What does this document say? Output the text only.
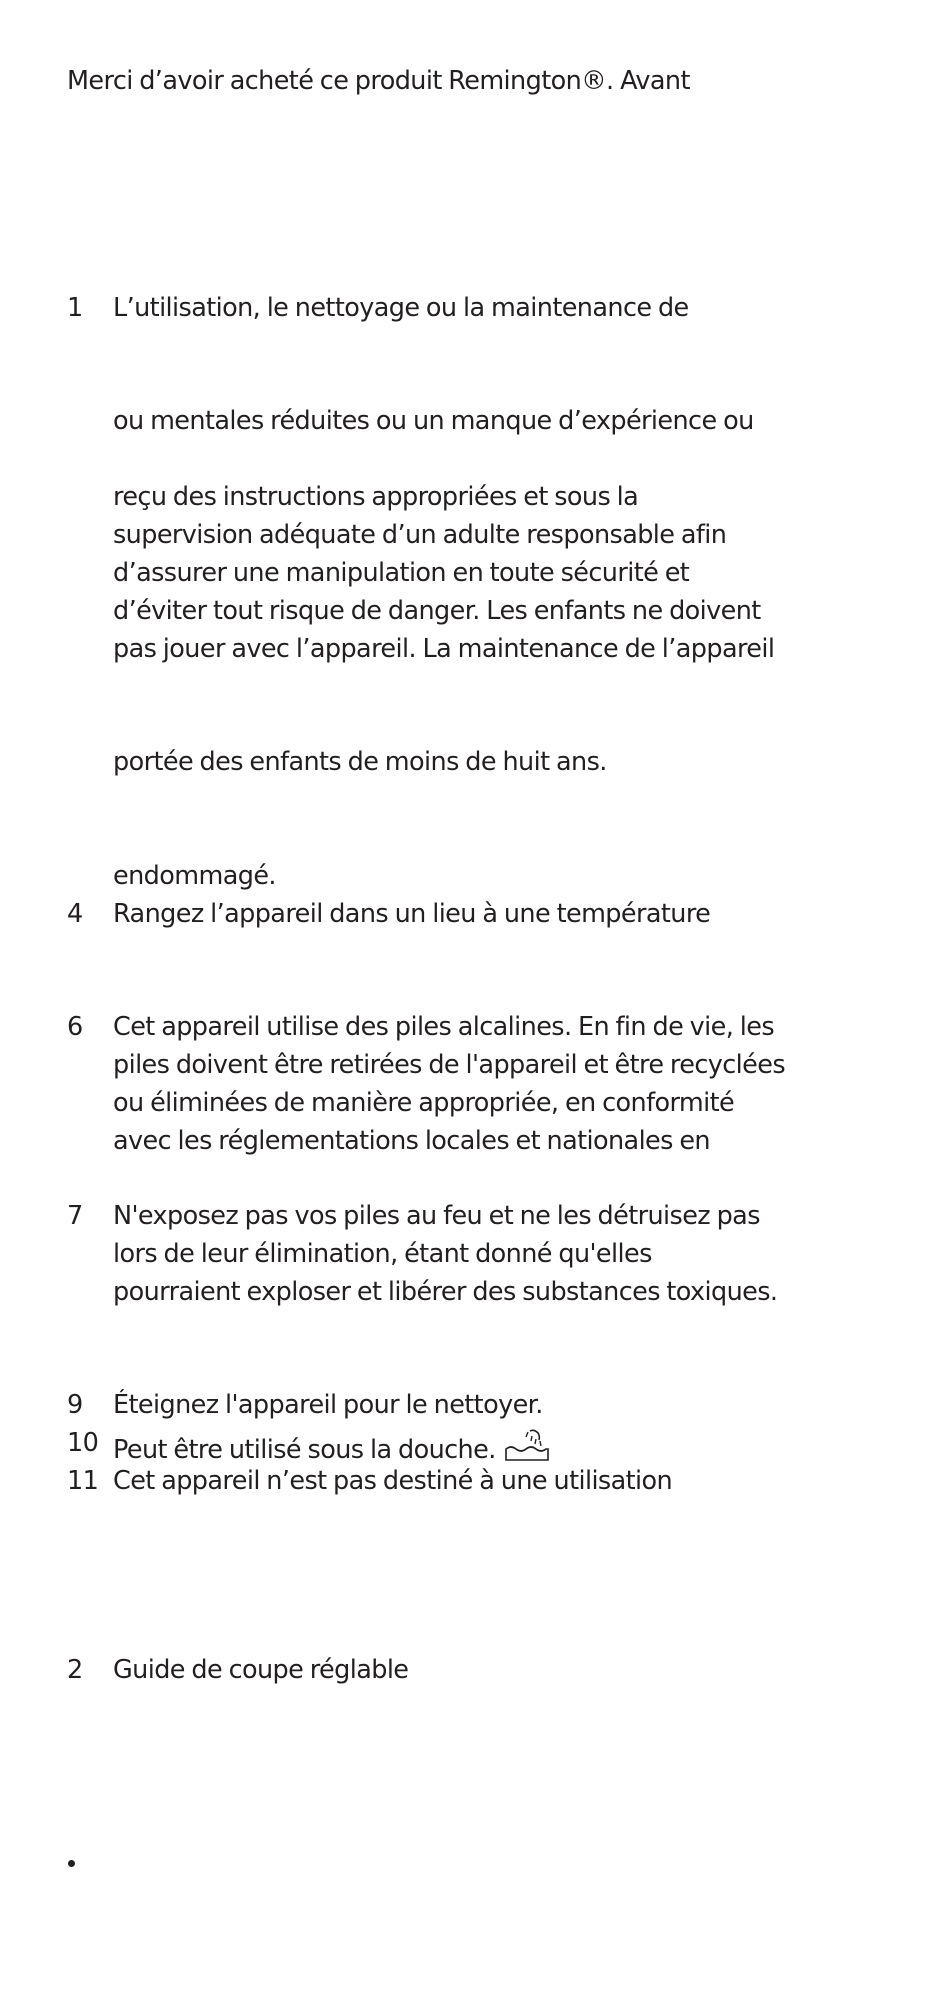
Merci d’avoir acheté ce produit Remington®. Avant
1 L’utilisation, le nettoyage ou la maintenance de
ou mentales réduites ou un manque d’expérience ou
reçu des instructions appropriées et sous la
supervision adéquate d’un adulte responsable afin
d’assurer une manipulation en toute sécurité et
d’éviter tout risque de danger. Les enfants ne doivent
pas jouer avec l’appareil. La maintenance de l’appareil
portée des enfants de moins de huit ans.
endommagé.
4 Rangez l’appareil dans un lieu à une température
6 Cet appareil utilise des piles alcalines. En fin de vie, les
piles doivent être retirées de l'appareil et être recyclées
ou éliminées de manière appropriée, en conformité
avec les réglementations locales et nationales en
7 N'exposez pas vos piles au feu et ne les détruisez pas
lors de leur élimination, étant donné qu'elles
pourraient exploser et libérer des substances toxiques.
9 Éteignez l'appareil pour le nettoyer.
10 Peut être utilisé sous la douche.
11 Cet appareil n’est pas destiné à une utilisation
2 Guide de coupe réglable
